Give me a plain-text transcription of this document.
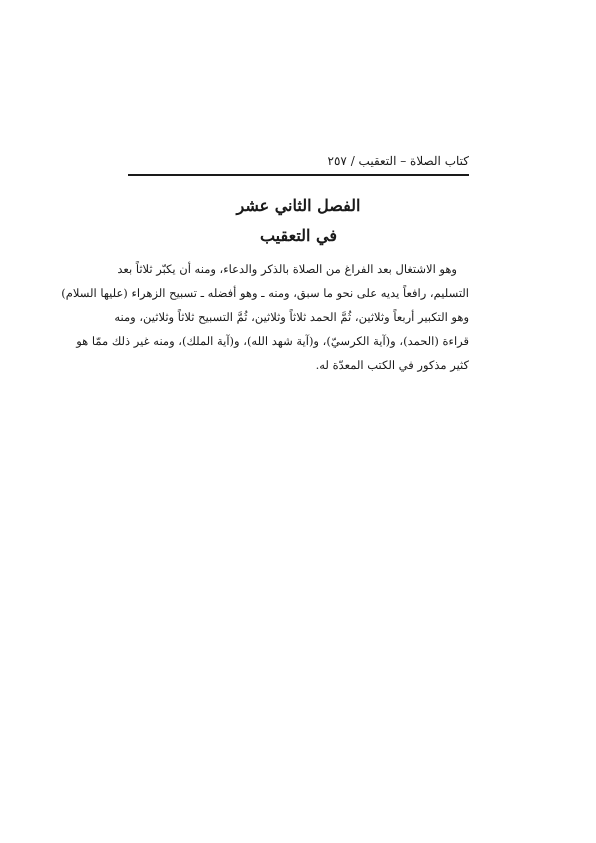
كتاب الصلاة – التعقيب / ٢٥٧
الفصل الثاني عشر
في التعقيب
وهو الاشتغال بعد الفراغ من الصلاة بالذكر والدعاء، ومنه أن يكبّر ثلاثاً بعد
التسليم، رافعاً يديه على نحو ما سبق، ومنه ـ وهو أفضله ـ تسبيح الزهراء (عليها السلام)
وهو التكبير أربعاً وثلاثين، ثُمَّ الحمد ثلاثاً وثلاثين، ثُمَّ التسبيح ثلاثاً وثلاثين، ومنه
قراءة (الحمد)، و(آية الكرسيّ)، و(آية شهد الله)، و(آية الملك)، ومنه غير ذلك ممّا هو
كثير مذكور في الكتب المعدّة له.
